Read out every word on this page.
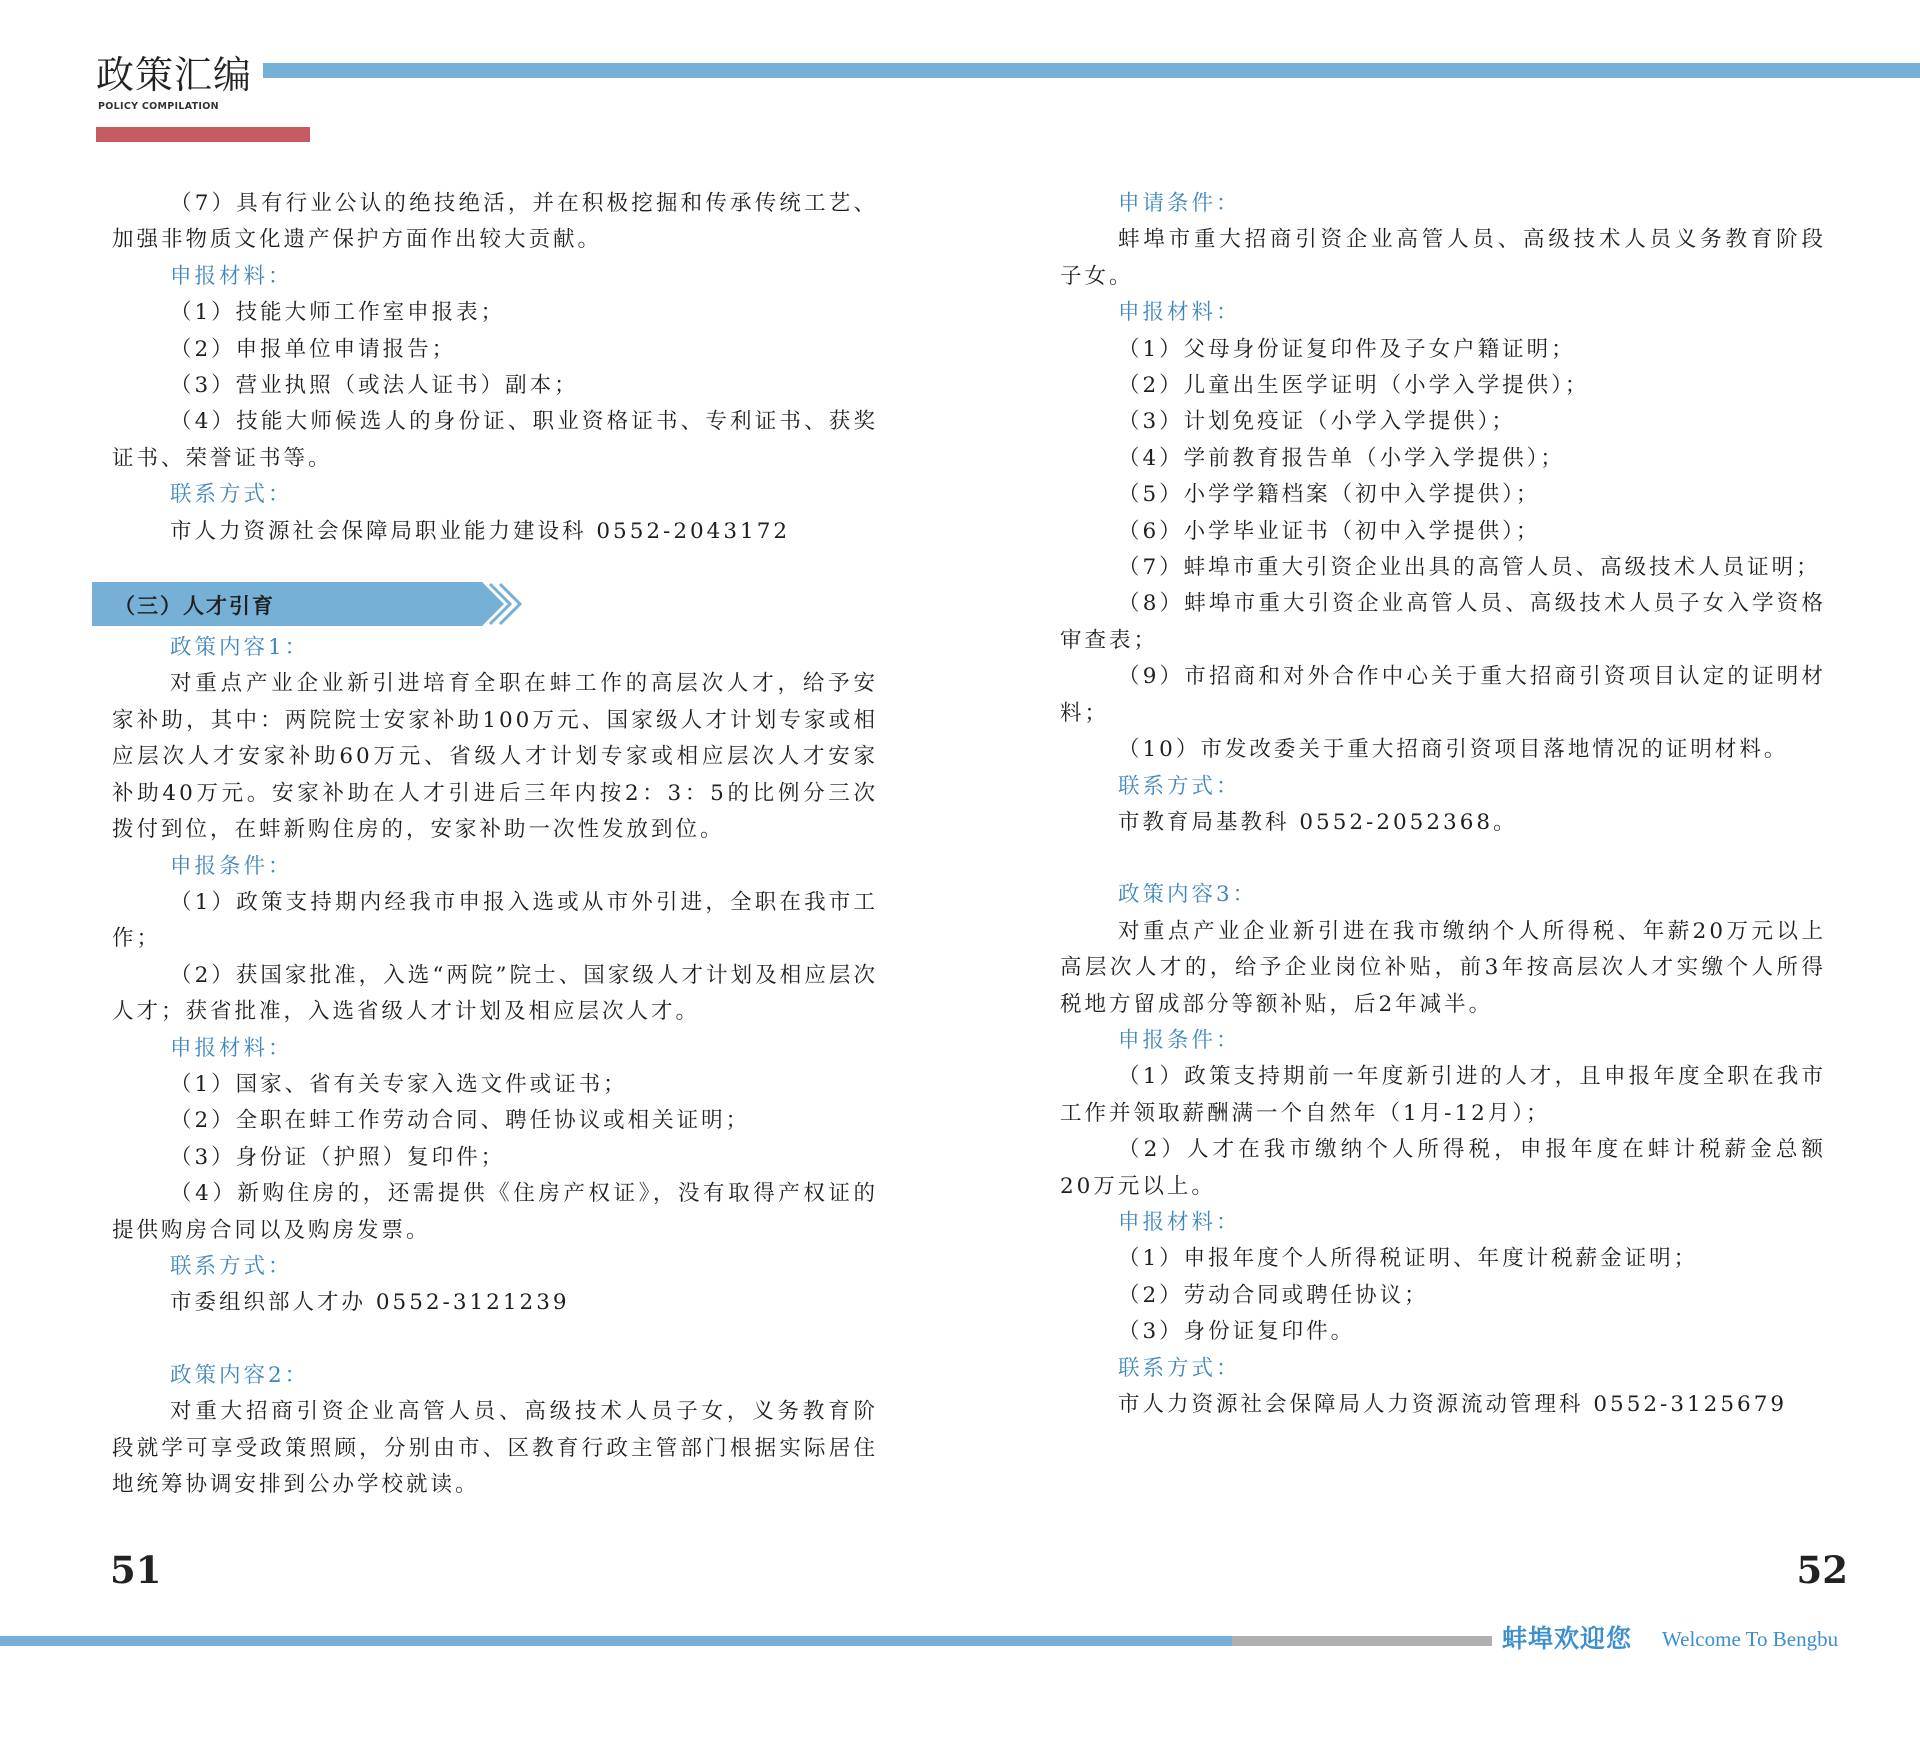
政策汇编
POLICY COMPILATION

（7）具有行业公认的绝技绝活，并在积极挖掘和传承传统工艺、加强非物质文化遗产保护方面作出较大贡献。

申报材料：

（1）技能大师工作室申报表；

（2）申报单位申请报告；

（3）营业执照（或法人证书）副本；

（4）技能大师候选人的身份证、职业资格证书、专利证书、获奖证书、荣誉证书等。

联系方式：

市人力资源社会保障局职业能力建设科 0552-2043172

政策内容1：

对重点产业企业新引进培育全职在蚌工作的高层次人才，给予安家补助，其中：两院院士安家补助100万元、国家级人才计划专家或相应层次人才安家补助60万元、省级人才计划专家或相应层次人才安家补助40万元。安家补助在人才引进后三年内按2：3：5的比例分三次拨付到位，在蚌新购住房的，安家补助一次性发放到位。

申报条件：

（1）政策支持期内经我市申报入选或从市外引进，全职在我市工作；

（2）获国家批准，入选“两院”院士、国家级人才计划及相应层次人才；获省批准，入选省级人才计划及相应层次人才。

申报材料：

（1）国家、省有关专家入选文件或证书；

（2）全职在蚌工作劳动合同、聘任协议或相关证明；

（3）身份证（护照）复印件；

（4）新购住房的，还需提供《住房产权证》，没有取得产权证的提供购房合同以及购房发票。

联系方式：

市委组织部人才办 0552-3121239

政策内容2：

对重大招商引资企业高管人员、高级技术人员子女，义务教育阶段就学可享受政策照顾，分别由市、区教育行政主管部门根据实际居住地统筹协调安排到公办学校就读。

（三）人才引育

申请条件：

蚌埠市重大招商引资企业高管人员、高级技术人员义务教育阶段子女。

申报材料：

（1）父母身份证复印件及子女户籍证明；

（2）儿童出生医学证明（小学入学提供）；

（3）计划免疫证（小学入学提供）；

（4）学前教育报告单（小学入学提供）；

（5）小学学籍档案（初中入学提供）；

（6）小学毕业证书（初中入学提供）；

（7）蚌埠市重大引资企业出具的高管人员、高级技术人员证明；

（8）蚌埠市重大引资企业高管人员、高级技术人员子女入学资格审查表；

（9）市招商和对外合作中心关于重大招商引资项目认定的证明材料；

（10）市发改委关于重大招商引资项目落地情况的证明材料。

联系方式：

市教育局基教科 0552-2052368。

政策内容3：

对重点产业企业新引进在我市缴纳个人所得税、年薪20万元以上高层次人才的，给予企业岗位补贴，前3年按高层次人才实缴个人所得税地方留成部分等额补贴，后2年减半。

申报条件：

（1）政策支持期前一年度新引进的人才，且申报年度全职在我市工作并领取薪酬满一个自然年（1月-12月）；

（2）人才在我市缴纳个人所得税，申报年度在蚌计税薪金总额20万元以上。

申报材料：

（1）申报年度个人所得税证明、年度计税薪金证明；

（2）劳动合同或聘任协议；

（3）身份证复印件。

联系方式：

市人力资源社会保障局人力资源流动管理科 0552-3125679

51	52
蚌埠欢迎您 Welcome To Bengbu
